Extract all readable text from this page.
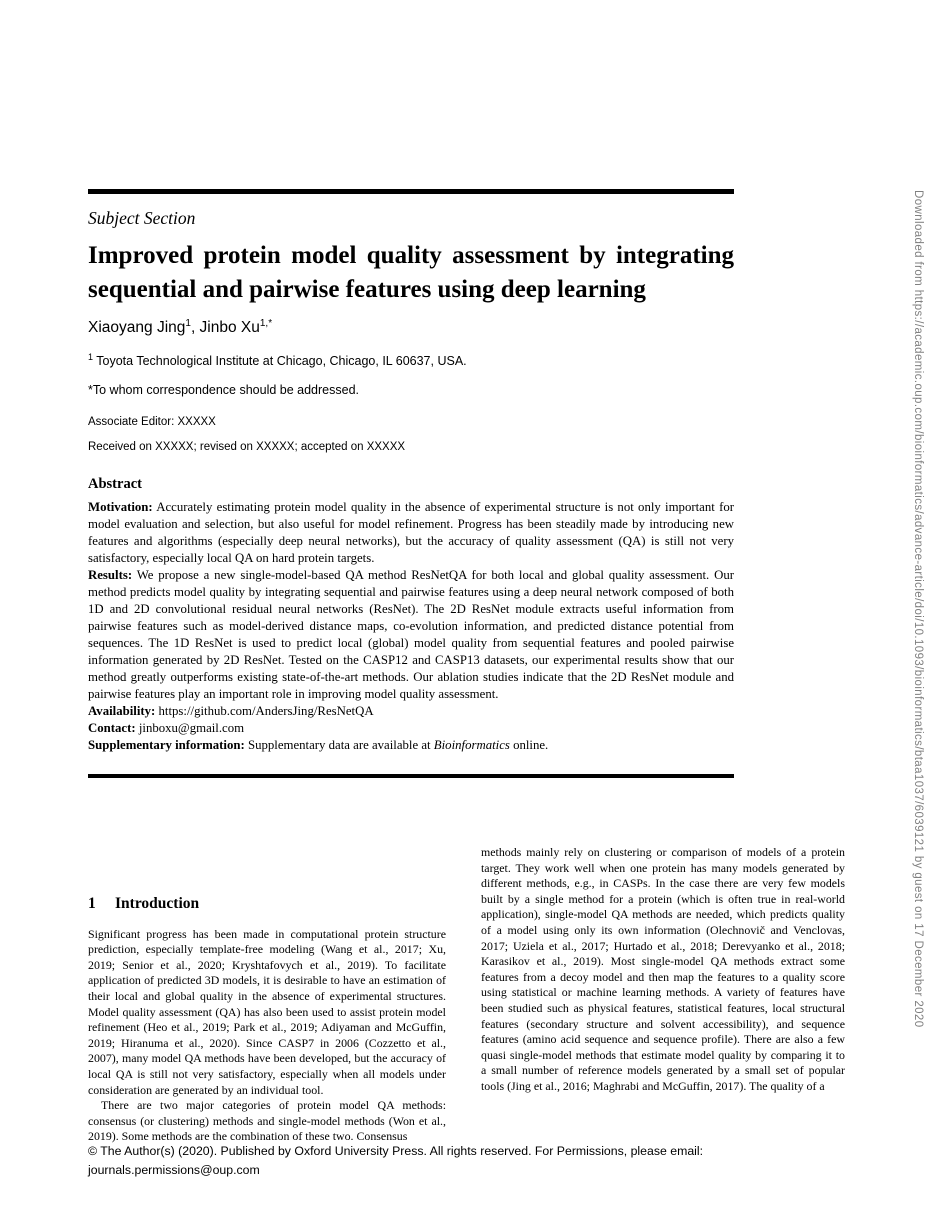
Subject Section
Improved protein model quality assessment by integrating sequential and pairwise features using deep learning
Xiaoyang Jing$^1$, Jinbo $Xu^{1,*}$
$^1$ Toyota Technological Institute at Chicago, Chicago, IL 60637, USA.
*To whom correspondence should be addressed.
Associate Editor: XXXXX
Received on XXXXX; revised on XXXXX; accepted on XXXXX
Abstract

Motivation: Accurately estimating protein model quality in the absence of experimental structure is not only important for model evaluation and selection, but also useful for model refinement. Progress has been steadily made by introducing new features and algorithms (especially deep neural networks), but the accuracy of quality assessment (QA) is still not very satisfactory, especially local QA on hard protein targets.

Results: We propose a new single-model-based QA method ResNetQA for both local and global quality assessment. Our method predicts model quality by integrating sequential and pairwise features using a deep neural network composed of both 1D and 2D convolutional residual neural networks (ResNet). The 2D ResNet module extracts useful information from pairwise features such as model-derived distance maps, co-evolution information, and predicted distance potential from sequences. The 1D ResNet is used to predict local (global) model quality from sequential features and pooled pairwise information generated by 2D ResNet. Tested on the CASP12 and CASP13 datasets, our experimental results show that our method greatly outperforms existing state-of-the-art methods. Our ablation studies indicate that the 2D ResNet module and pairwise features play an important role in improving model quality assessment.

Availability: https://github.com/AndersJing/ResNetQA

Contact: jinboxu@gmail.com

Supplementary information: Supplementary data are available at Bioinformatics online.

1 Introduction

Significant progress has been made in computational protein structure prediction, especially template-free modeling (Wang et al., 2017; Xu, 2019; Senior et al., 2020; Kryshtafovych et al., 2019). To facilitate application of predicted 3D models, it is desirable to have an estimation of their local and global quality in the absence of experimental structures. Model quality assessment (QA) has also been used to assist protein model refinement (Heo et al., 2019; Park et al., 2019; Adiyaman and McGuffin, 2019; Hiranuma et al., 2020). Since CASP7 in 2006 (Cozzetto et al., 2007), many model QA methods have been developed, but the accuracy of local QA is still not very satisfactory, especially when all models under consideration are generated by an individual tool.

There are two major categories of protein model QA methods: consensus (or clustering) methods and single-model methods (Won et al., 2019). Some methods are the combination of these two. Consensus

methods mainly rely on clustering or comparison of models of a protein target. They work well when one protein has many models generated by different methods, e.g., in CASPs. In the case there are very few models built by a single method for a protein (which is often true in real-world application), single-model QA methods are needed, which predicts quality of a model using only its own information (Olechnovič and Venclovas, 2017; Uziela et al., 2017; Hurtado et al., 2018; Derevyanko et al., 2018; Karasikov et al., 2019). Most single-model QA methods extract some features from a decoy model and then map the features to a quality score using statistical or machine learning methods. A variety of features have been studied such as physical features, statistical features, local structural features (secondary structure and solvent accessibility), and sequence features (amino acid sequence and sequence profile). There are also a few quasi single-model methods that estimate model quality by comparing it to a small number of reference models generated by a small set of popular tools (Jing et al., 2016; Maghrabi and McGuffin, 2017). The quality of a

Downloaded from https://academic.oup.com/bioinformatics/advance-article/doi/10.1093/bioinformatics/btaa1037/6039121 by guest on 17 December 2020
© The Author(s) (2020). Published by Oxford University Press. All rights reserved. For Permissions, please email: journals.permissions@oup.com
